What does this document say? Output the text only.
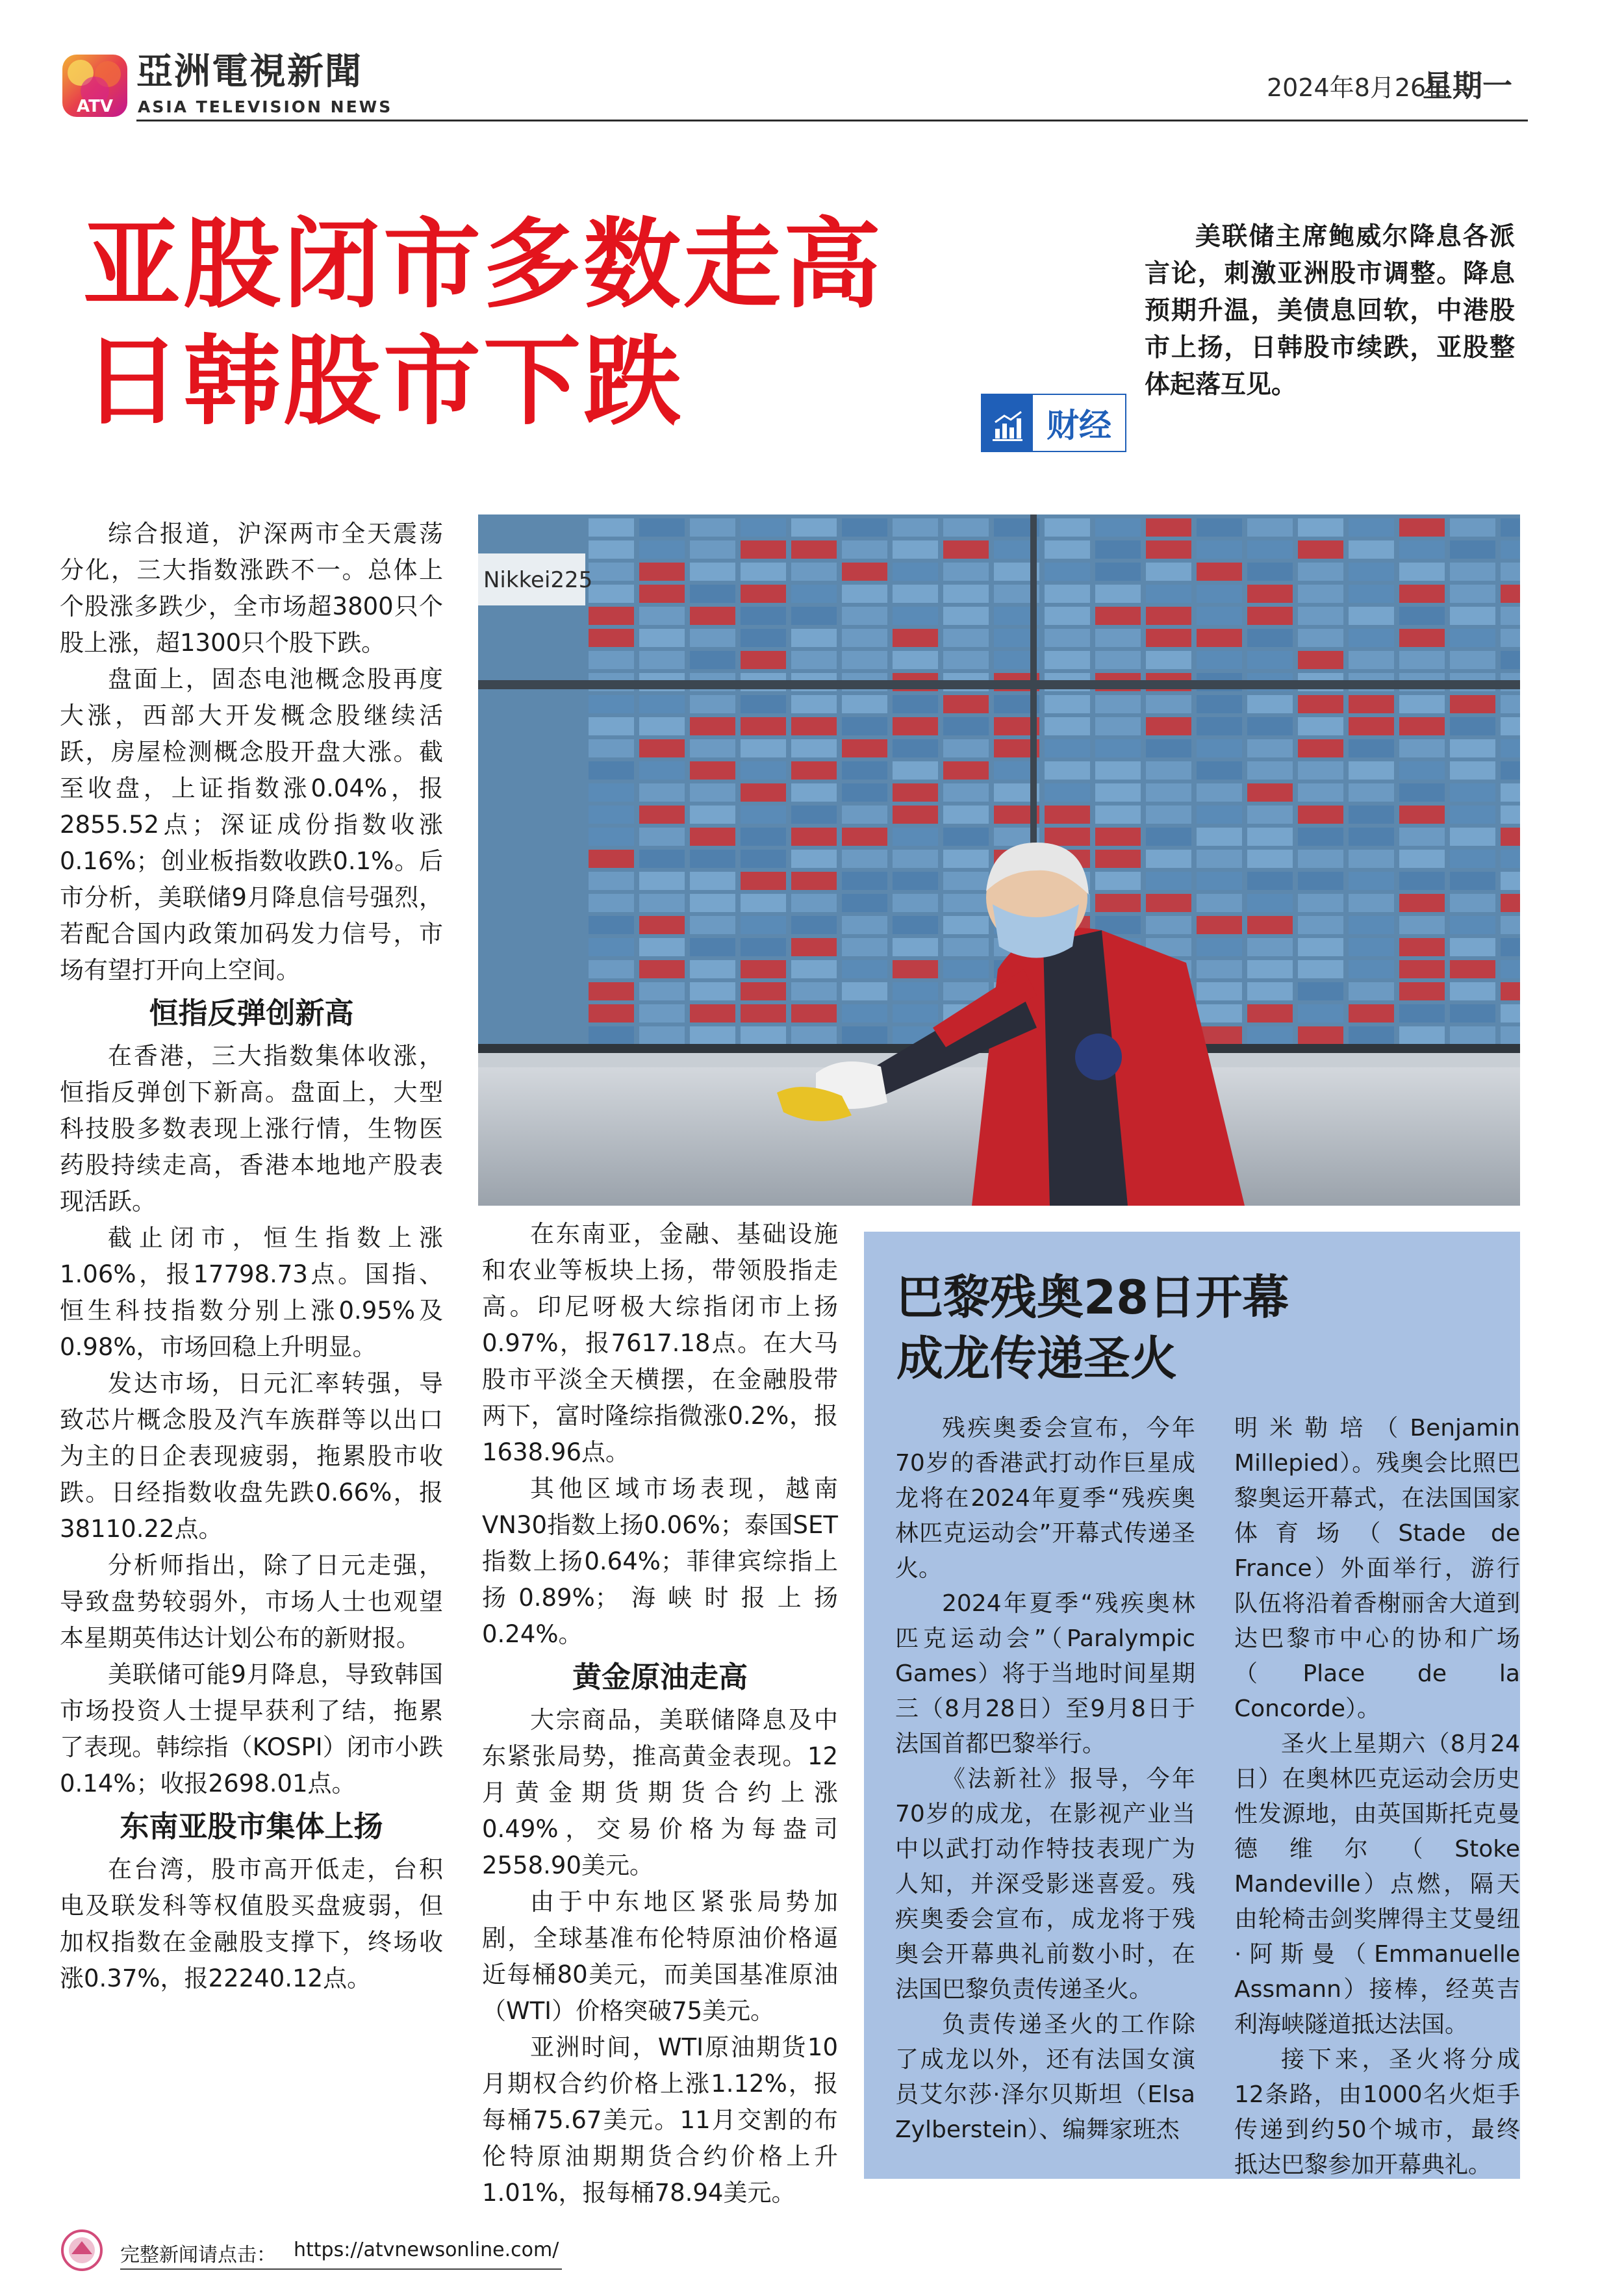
ATV
亞洲電視新聞
ASIA TELEVISION NEWS
2024年8月26日
星期一
亚股闭市多数走高
日韩股市下跌	财经
美联储主席鲍威尔降息各派言论，刺激亚洲股市调整。降息预期升温，美债息回软，中港股市上扬，日韩股市续跌，亚股整体起落互见。
Nikkei225

综合报道，沪深两市全天震荡分化，三大指数涨跌不一。总体上个股涨多跌少，全市场超3800只个股上涨，超1300只个股下跌。

盘面上，固态电池概念股再度大涨，西部大开发概念股继续活跃，房屋检测概念股开盘大涨。截至收盘，上证指数涨0.04%，报2855.52点；深证成份指数收涨0.16%；创业板指数收跌0.1%。后市分析，美联储9月降息信号强烈，若配合国内政策加码发力信号，市场有望打开向上空间。

恒指反弹创新高

在香港，三大指数集体收涨，恒指反弹创下新高。盘面上，大型科技股多数表现上涨行情，生物医药股持续走高，香港本地地产股表现活跃。

截止闭市，恒生指数上涨1.06%，报17798.73点。国指、恒生科技指数分别上涨0.95%及0.98%，市场回稳上升明显。

发达市场，日元汇率转强，导致芯片概念股及汽车族群等以出口为主的日企表现疲弱，拖累股市收跌。日经指数收盘先跌0.66%，报38110.22点。

分析师指出，除了日元走强，导致盘势较弱外，市场人士也观望本星期英伟达计划公布的新财报。

美联储可能9月降息，导致韩国市场投资人士提早获利了结，拖累了表现。韩综指（KOSPI）闭市小跌0.14%；收报2698.01点。

东南亚股市集体上扬

在台湾，股市高开低走，台积电及联发科等权值股买盘疲弱，但加权指数在金融股支撑下，终场收涨0.37%，报22240.12点。

在东南亚，金融、基础设施和农业等板块上扬，带领股指走高。印尼呀极大综指闭市上扬0.97%，报7617.18点。在大马股市平淡全天横摆，在金融股带两下，富时隆综指微涨0.2%，报1638.96点。

其他区域市场表现，越南VN30指数上扬0.06%；泰国SET指数上扬0.64%；菲律宾综指上扬0.89%；海峡时报上扬0.24%。

黄金原油走高

大宗商品，美联储降息及中东紧张局势，推高黄金表现。12月黄金期货期货合约上涨0.49%，交易价格为每盎司2558.90美元。

由于中东地区紧张局势加剧，全球基准布伦特原油价格逼近每桶80美元，而美国基准原油（WTI）价格突破75美元。

亚洲时间，WTI原油期货10月期权合约价格上涨1.12%，报每桶75.67美元。11月交割的布伦特原油期期货合约价格上升1.01%，报每桶78.94美元。

巴黎残奥28日开幕
成龙传递圣火

残疾奥委会宣布，今年70岁的香港武打动作巨星成龙将在2024年夏季“残疾奥林匹克运动会”开幕式传递圣火。

2024年夏季“残疾奥林匹克运动会”（Paralympic Games）将于当地时间星期三（8月28日）至9月8日于法国首都巴黎举行。

《法新社》报导，今年70岁的成龙，在影视产业当中以武打动作特技表现广为人知，并深受影迷喜爱。残疾奥委会宣布，成龙将于残奥会开幕典礼前数小时，在法国巴黎负责传递圣火。

负责传递圣火的工作除了成龙以外，还有法国女演员艾尔莎·泽尔贝斯坦（Elsa Zylberstein）、编舞家班杰

明米勒培（Benjamin Millepied）。残奥会比照巴黎奥运开幕式，在法国国家体育场（Stade de France）外面举行，游行队伍将沿着香榭丽舍大道到达巴黎市中心的协和广场（Place de la Concorde）。

圣火上星期六（8月24日）在奥林匹克运动会历史性发源地，由英国斯托克曼德维尔（Stoke Mandeville）点燃，隔天由轮椅击剑奖牌得主艾曼纽·阿斯曼（Emmanuelle Assmann）接棒，经英吉利海峡隧道抵达法国。

接下来，圣火将分成12条路，由1000名火炬手传递到约50个城市，最终抵达巴黎参加开幕典礼。

完整新闻请点击： https://atvnewsonline.com/
